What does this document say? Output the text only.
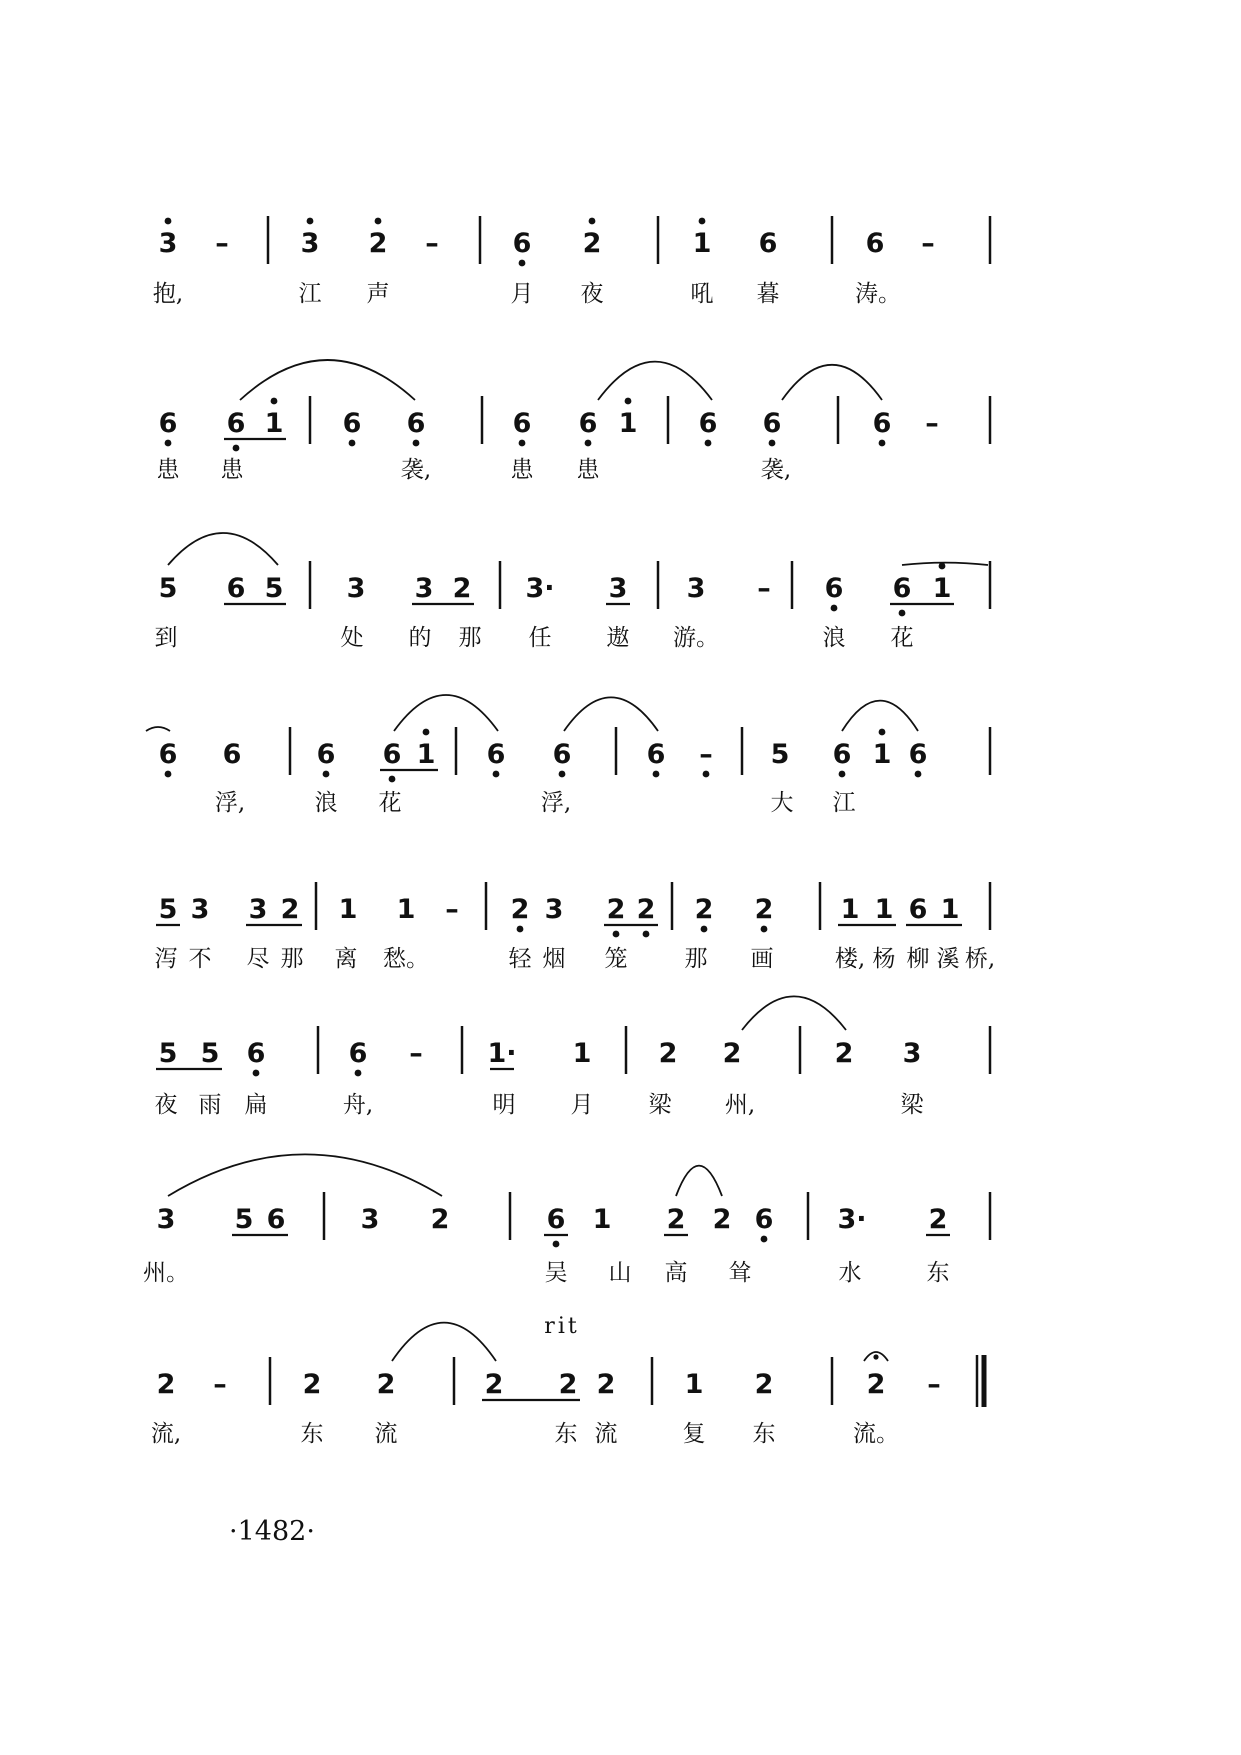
3 –	3 2 –	6 2	1 6	6 –
抱,	江 声	月 夜	吼 暮	涛。
6 6 1 6 6	6 6 1 6 6	6 –
患 患	袭,	患 患	袭,
5 6 5 3 3 2 3· 3 3 – 6 6 1
到	处 的 那 任 遨 游。	浪 花
6 6	6 6 1 6 6	6 – 5 6 1 6
浮,	浪 花	浮,	大 江
5 3 3 2 1 1 – 2 3 2 2 2 2 1 1 6 1
泻 不 尽 那 离 愁。	轻 烟 笼 那 画	楼, 杨 柳 溪 桥,
5 5 6	6 – 1· 1 2 2	2 3
夜 雨 扁	舟,	明 月 梁 州,	梁
3 5 6	3 2	6 1 2 2 6 3· 2
州。	吴 山 高 耸	水	东
rit
2 –	2 2	2 2 2	1 2	2 –
流,	东 流	东 流	复 东	流。
·1482·
